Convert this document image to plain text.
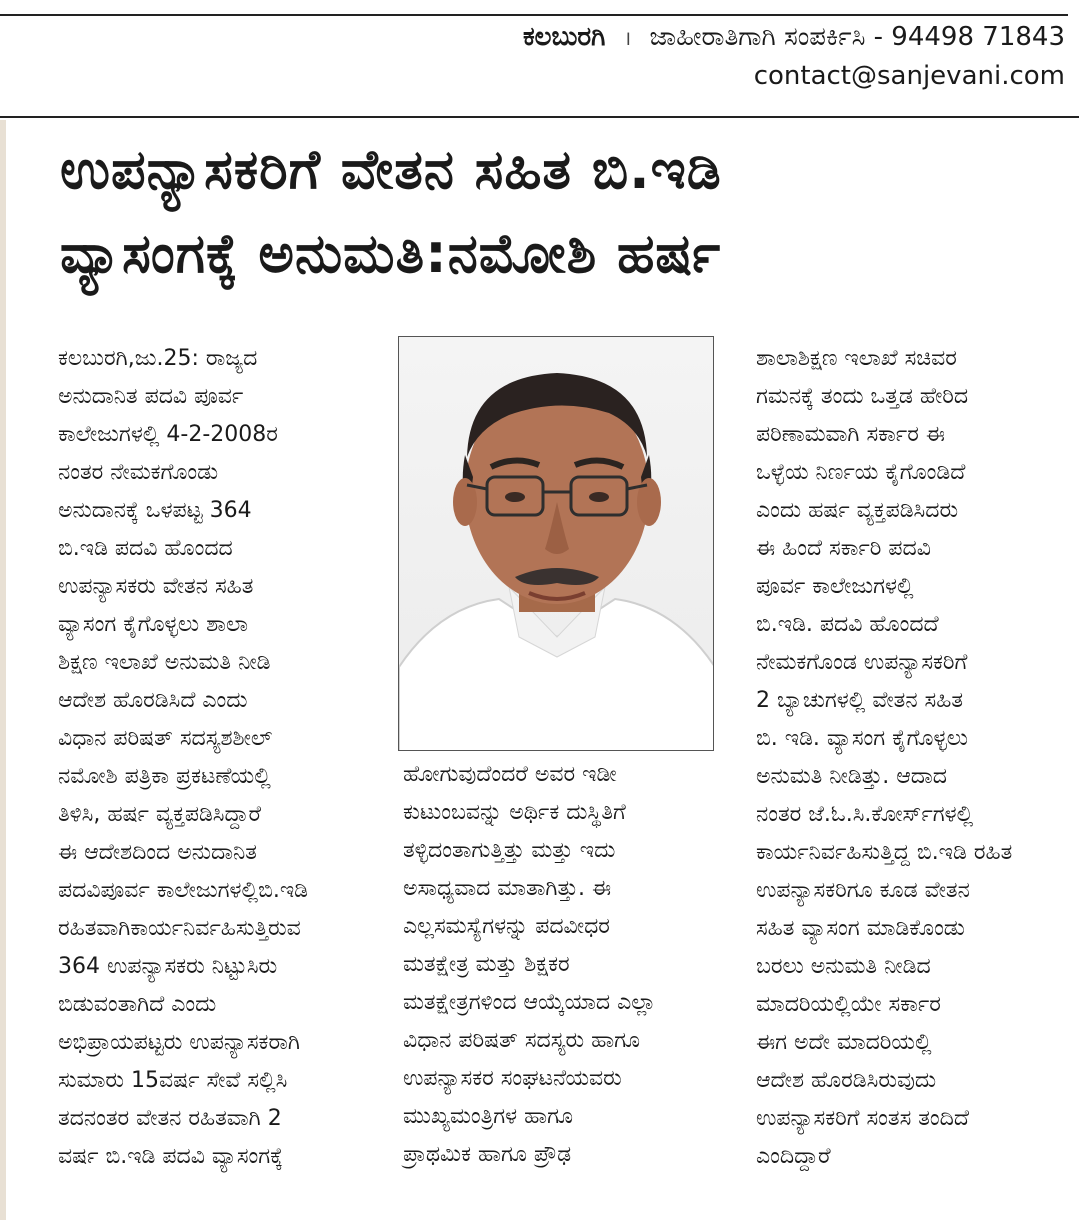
ಕಲಬುರಗಿ । ಜಾಹೀರಾತಿಗಾಗಿ ಸಂಪರ್ಕಿಸಿ - 94498 71843
contact@sanjevani.com
ಉಪನ್ಯಾಸಕರಿಗೆ ವೇತನ ಸಹಿತ ಬಿ.ಇಡಿ
ವ್ಯಾಸಂಗಕ್ಕೆ ಅನುಮತಿ:ನಮೋಶಿ ಹರ್ಷ
ಕಲಬುರಗಿ,ಜು.25: ರಾಜ್ಯದ
ಅನುದಾನಿತ ಪದವಿ ಪೂರ್ವ
ಕಾಲೇಜುಗಳಲ್ಲಿ 4-2-2008ರ
ನಂತರ ನೇಮಕಗೊಂಡು
ಅನುದಾನಕ್ಕೆ ಒಳಪಟ್ಟ 364
ಬಿ.ಇಡಿ ಪದವಿ ಹೊಂದದ
ಉಪನ್ಯಾಸಕರು ವೇತನ ಸಹಿತ
ವ್ಯಾಸಂಗ ಕೈಗೊಳ್ಳಲು ಶಾಲಾ
ಶಿಕ್ಷಣ ಇಲಾಖೆ ಅನುಮತಿ ನೀಡಿ
ಆದೇಶ ಹೊರಡಿಸಿದೆ ಎಂದು
ವಿಧಾನ ಪರಿಷತ್ ಸದಸ್ಯಶಶೀಲ್
ನಮೋಶಿ ಪತ್ರಿಕಾ ಪ್ರಕಟಣೆಯಲ್ಲಿ
ತಿಳಿಸಿ, ಹರ್ಷ ವ್ಯಕ್ತಪಡಿಸಿದ್ದಾರೆ
ಈ ಆದೇಶದಿಂದ ಅನುದಾನಿತ
ಪದವಿಪೂರ್ವ ಕಾಲೇಜುಗಳಲ್ಲಿಬಿ.ಇಡಿ
ರಹಿತವಾಗಿಕಾರ್ಯನಿರ್ವಹಿಸುತ್ತಿರುವ
364 ಉಪನ್ಯಾಸಕರು ನಿಟ್ಟುಸಿರು
ಬಿಡುವಂತಾಗಿದೆ ಎಂದು
ಅಭಿಪ್ರಾಯಪಟ್ಟರು ಉಪನ್ಯಾಸಕರಾಗಿ
ಸುಮಾರು 15ವರ್ಷ ಸೇವೆ ಸಲ್ಲಿಸಿ
ತದನಂತರ ವೇತನ ರಹಿತವಾಗಿ 2
ವರ್ಷ ಬಿ.ಇಡಿ ಪದವಿ ವ್ಯಾಸಂಗಕ್ಕೆ
ಹೋಗುವುದೆಂದರೆ ಅವರ ಇಡೀ
ಕುಟುಂಬವನ್ನು ಅರ್ಥಿಕ ದುಸ್ಥಿತಿಗೆ
ತಳ್ಳಿದಂತಾಗುತ್ತಿತ್ತು ಮತ್ತು ಇದು
ಅಸಾಧ್ಯವಾದ ಮಾತಾಗಿತ್ತು. ಈ
ಎಲ್ಲಸಮಸ್ಯೆಗಳನ್ನು ಪದವೀಧರ
ಮತಕ್ಷೇತ್ರ ಮತ್ತು ಶಿಕ್ಷಕರ
ಮತಕ್ಷೇತ್ರಗಳಿಂದ ಆಯ್ಕೆಯಾದ ಎಲ್ಲಾ
ವಿಧಾನ ಪರಿಷತ್ ಸದಸ್ಯರು ಹಾಗೂ
ಉಪನ್ಯಾಸಕರ ಸಂಘಟನೆಯವರು
ಮುಖ್ಯಮಂತ್ರಿಗಳ ಹಾಗೂ
ಪ್ರಾಥಮಿಕ ಹಾಗೂ ಪ್ರೌಢ
ಶಾಲಾಶಿಕ್ಷಣ ಇಲಾಖೆ ಸಚಿವರ
ಗಮನಕ್ಕೆ ತಂದು ಒತ್ತಡ ಹೇರಿದ
ಪರಿಣಾಮವಾಗಿ ಸರ್ಕಾರ ಈ
ಒಳ್ಳೆಯ ನಿರ್ಣಯ ಕೈಗೊಂಡಿದೆ
ಎಂದು ಹರ್ಷ ವ್ಯಕ್ತಪಡಿಸಿದರು
ಈ ಹಿಂದೆ ಸರ್ಕಾರಿ ಪದವಿ
ಪೂರ್ವ ಕಾಲೇಜುಗಳಲ್ಲಿ
ಬಿ.ಇಡಿ. ಪದವಿ ಹೊಂದದೆ
ನೇಮಕಗೊಂಡ ಉಪನ್ಯಾಸಕರಿಗೆ
2 ಬ್ಯಾಚುಗಳಲ್ಲಿ ವೇತನ ಸಹಿತ
ಬಿ. ಇಡಿ. ವ್ಯಾಸಂಗ ಕೈಗೊಳ್ಳಲು
ಅನುಮತಿ ನೀಡಿತ್ತು. ಆದಾದ
ನಂತರ ಜೆ.ಓ.ಸಿ.ಕೋರ್ಸ್‌ಗಳಲ್ಲಿ
ಕಾರ್ಯನಿರ್ವಹಿಸುತ್ತಿದ್ದ ಬಿ.ಇಡಿ ರಹಿತ
ಉಪನ್ಯಾಸಕರಿಗೂ ಕೂಡ ವೇತನ
ಸಹಿತ ವ್ಯಾಸಂಗ ಮಾಡಿಕೊಂಡು
ಬರಲು ಅನುಮತಿ ನೀಡಿದ
ಮಾದರಿಯಲ್ಲಿಯೇ ಸರ್ಕಾರ
ಈಗ ಅದೇ ಮಾದರಿಯಲ್ಲಿ
ಆದೇಶ ಹೊರಡಿಸಿರುವುದು
ಉಪನ್ಯಾಸಕರಿಗೆ ಸಂತಸ ತಂದಿದೆ
ಎಂದಿದ್ದಾರೆ
